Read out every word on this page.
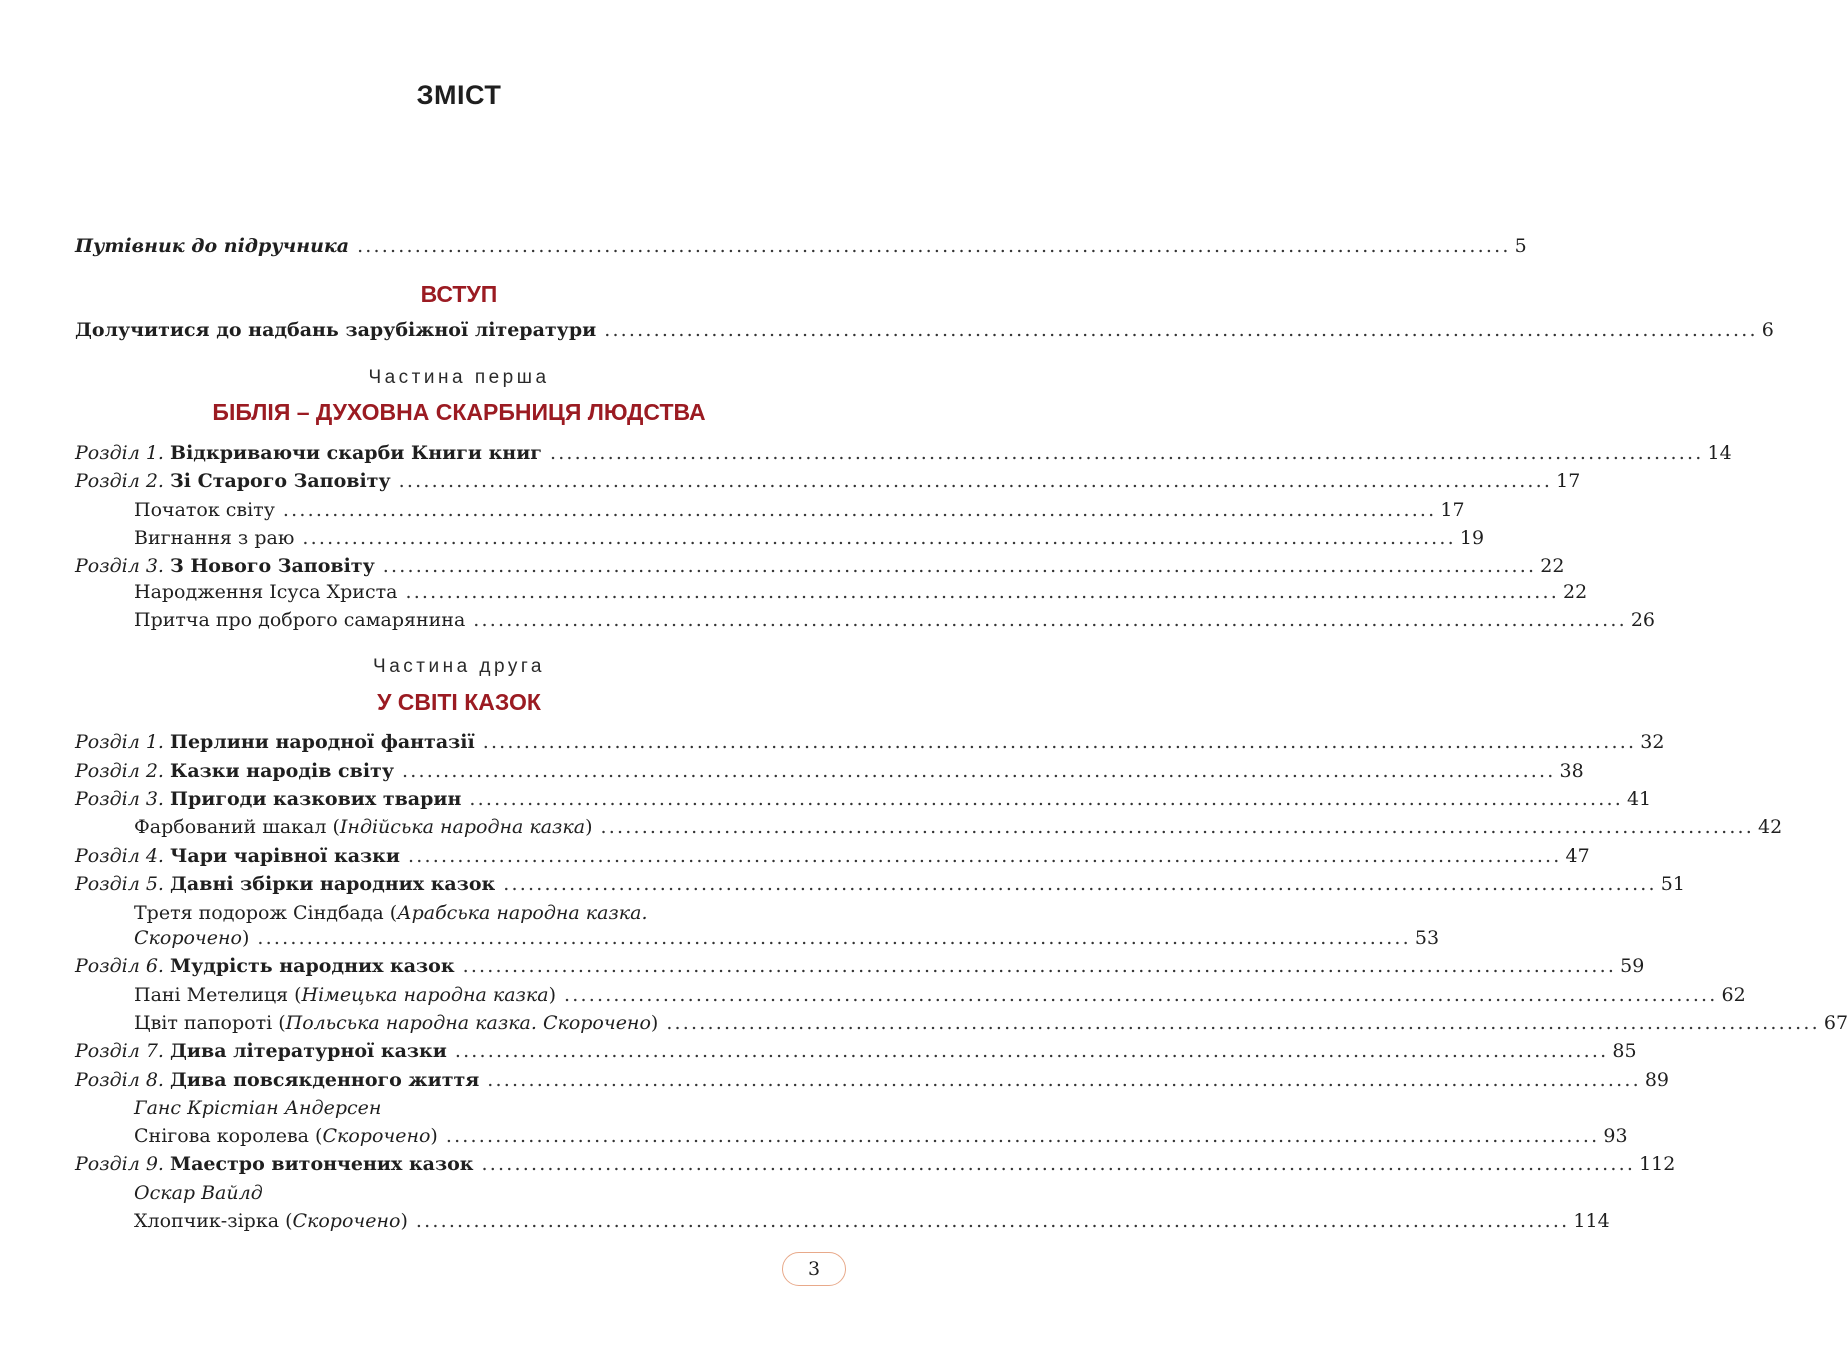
ЗМІСТ
Путівник до підручника ............................................................................................................................................ 5
ВСТУП
Долучитися до надбань зарубіжної літератури ............................................................................................................................................ 6
Частина перша
БІБЛІЯ – ДУХОВНА СКАРБНИЦЯ ЛЮДСТВА
Розділ 1. Відкриваючи скарби Книги книг ............................................................................................................................................ 14
Розділ 2. Зі Старого Заповіту ............................................................................................................................................ 17
Початок світу ............................................................................................................................................ 17
Вигнання з раю ............................................................................................................................................ 19
Розділ 3. З Нового Заповіту ............................................................................................................................................ 22
Народження Ісуса Христа ............................................................................................................................................ 22
Притча про доброго самарянина ............................................................................................................................................ 26
Частина друга
У СВІТІ КАЗОК
Розділ 1. Перлини народної фантазії ............................................................................................................................................ 32
Розділ 2. Казки народів світу ............................................................................................................................................ 38
Розділ 3. Пригоди казкових тварин ............................................................................................................................................ 41
Фарбований шакал (Індійська народна казка) ............................................................................................................................................ 42
Розділ 4. Чари чарівної казки ............................................................................................................................................ 47
Розділ 5. Давні збірки народних казок ............................................................................................................................................ 51
Третя подорож Сіндбада (Арабська народна казка.
Скорочено) ............................................................................................................................................ 53
Розділ 6. Мудрість народних казок ............................................................................................................................................ 59
Пані Метелиця (Німецька народна казка) ............................................................................................................................................ 62
Цвіт папороті (Польська народна казка. Скорочено) ............................................................................................................................................ 67
Розділ 7. Дива літературної казки ............................................................................................................................................ 85
Розділ 8. Дива повсякденного життя ............................................................................................................................................ 89
Ганс Крістіан Андерсен
Снігова королева (Скорочено) ............................................................................................................................................ 93
Розділ 9. Маестро витончених казок ............................................................................................................................................ 112
Оскар Вайлд
Хлопчик-зірка (Скорочено) ............................................................................................................................................ 114
3
